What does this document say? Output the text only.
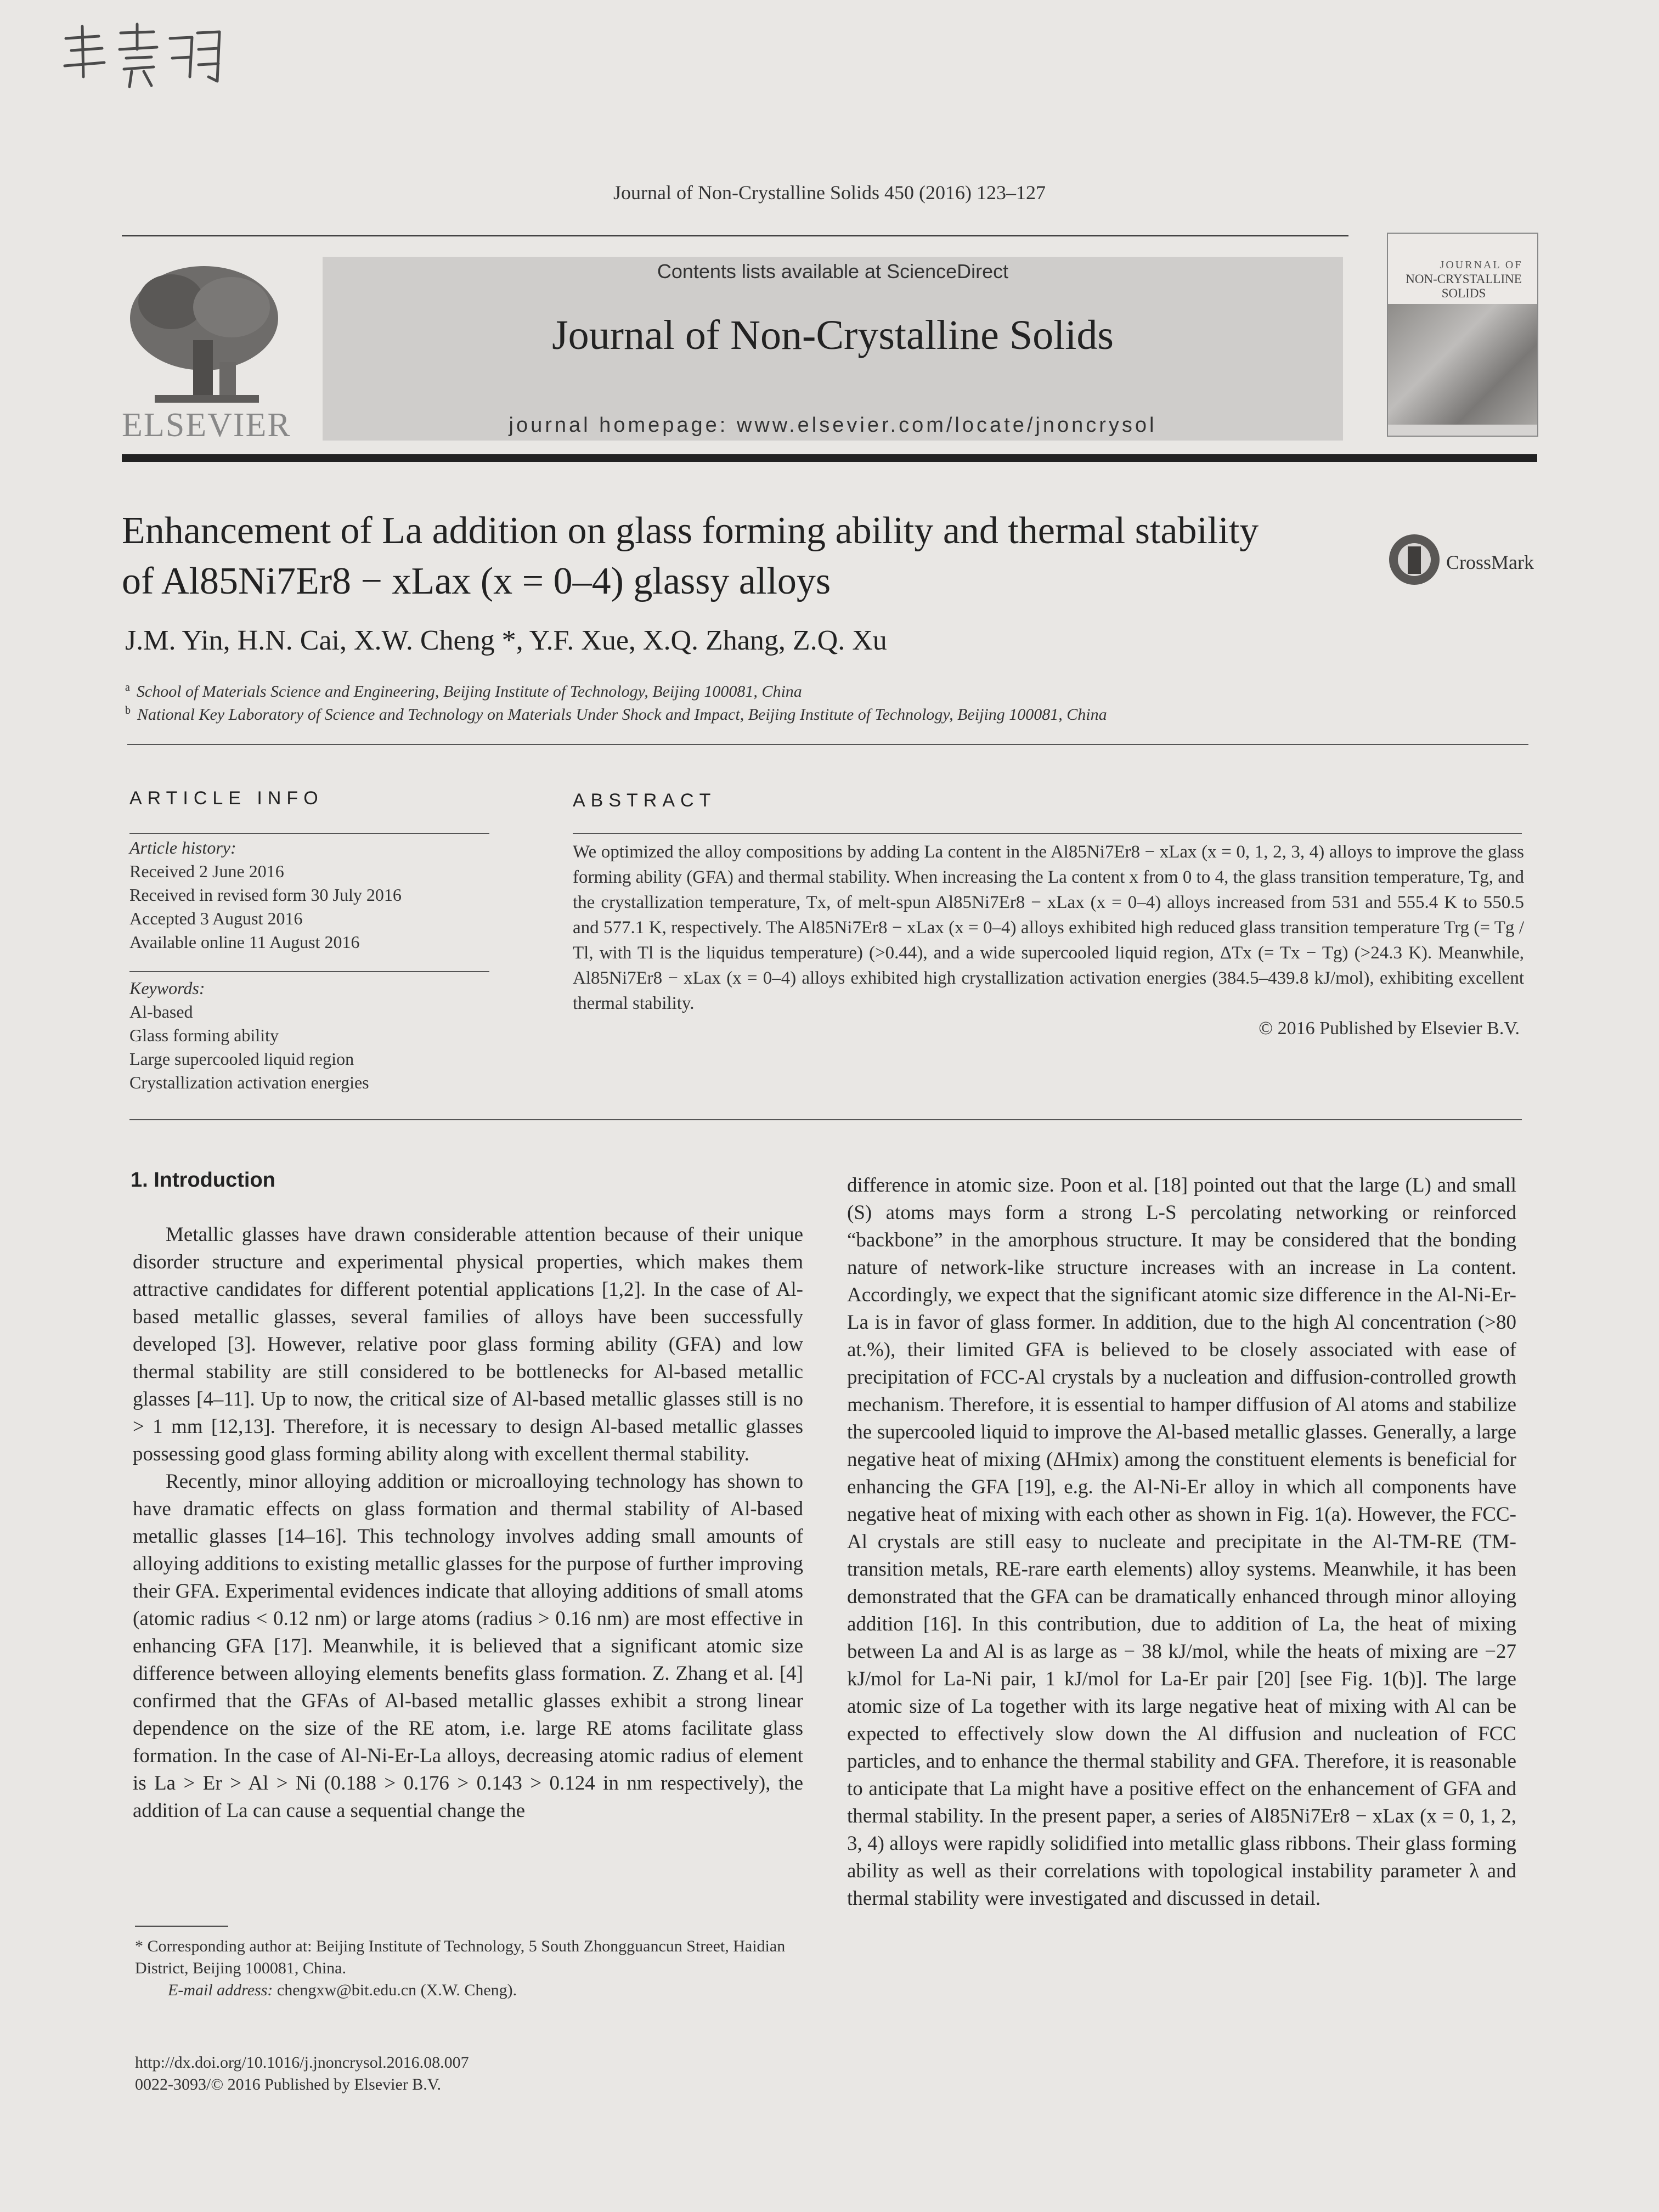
Journal of Non-Crystalline Solids 450 (2016) 123–127
ELSEVIER
Contents lists available at ScienceDirect
Journal of Non-Crystalline Solids
journal homepage: www.elsevier.com/locate/jnoncrysol
JOURNAL OF
NON-CRYSTALLINE SOLIDS
Enhancement of La addition on glass forming ability and thermal stability
of Al85Ni7Er8 − xLax (x = 0–4) glassy alloys	CrossMark
J.M. Yin, H.N. Cai, X.W. Cheng *, Y.F. Xue, X.Q. Zhang, Z.Q. Xu
$^a$ School of Materials Science and Engineering, Beijing Institute of Technology, Beijing 100081, China
$^b$ National Key Laboratory of Science and Technology on Materials Under Shock and Impact, Beijing Institute of Technology, Beijing 100081, China
ARTICLE INFO
Article history:
Received 2 June 2016
Received in revised form 30 July 2016
Accepted 3 August 2016
Available online 11 August 2016
Keywords:
Al-based
Glass forming ability
Large supercooled liquid region
Crystallization activation energies
ABSTRACT
We optimized the alloy compositions by adding La content in the Al85Ni7Er8 − xLax (x = 0, 1, 2, 3, 4) alloys to improve the glass forming ability (GFA) and thermal stability. When increasing the La content x from 0 to 4, the glass transition temperature, Tg, and the crystallization temperature, Tx, of melt-spun Al85Ni7Er8 − xLax (x = 0–4) alloys increased from 531 and 555.4 K to 550.5 and 577.1 K, respectively. The Al85Ni7Er8 − xLax (x = 0–4) alloys exhibited high reduced glass transition temperature Trg (= Tg / Tl, with Tl is the liquidus temperature) (>0.44), and a wide supercooled liquid region, ΔTx (= Tx − Tg) (>24.3 K). Meanwhile, Al85Ni7Er8 − xLax (x = 0–4) alloys exhibited high crystallization activation energies (384.5–439.8 kJ/mol), exhibiting excellent thermal stability.
© 2016 Published by Elsevier B.V.
1. Introduction

Metallic glasses have drawn considerable attention because of their unique disorder structure and experimental physical properties, which makes them attractive candidates for different potential applications [1,2]. In the case of Al-based metallic glasses, several families of alloys have been successfully developed [3]. However, relative poor glass forming ability (GFA) and low thermal stability are still considered to be bottlenecks for Al-based metallic glasses [4–11]. Up to now, the critical size of Al-based metallic glasses still is no > 1 mm [12,13]. Therefore, it is necessary to design Al-based metallic glasses possessing good glass forming ability along with excellent thermal stability.

Recently, minor alloying addition or microalloying technology has shown to have dramatic effects on glass formation and thermal stability of Al-based metallic glasses [14–16]. This technology involves adding small amounts of alloying additions to existing metallic glasses for the purpose of further improving their GFA. Experimental evidences indicate that alloying additions of small atoms (atomic radius < 0.12 nm) or large atoms (radius > 0.16 nm) are most effective in enhancing GFA [17]. Meanwhile, it is believed that a significant atomic size difference between alloying elements benefits glass formation. Z. Zhang et al. [4] confirmed that the GFAs of Al-based metallic glasses exhibit a strong linear dependence on the size of the RE atom, i.e. large RE atoms facilitate glass formation. In the case of Al-Ni-Er-La alloys, decreasing atomic radius of element is La > Er > Al > Ni (0.188 > 0.176 > 0.143 > 0.124 in nm respectively), the addition of La can cause a sequential change the

difference in atomic size. Poon et al. [18] pointed out that the large (L) and small (S) atoms mays form a strong L-S percolating networking or reinforced “backbone” in the amorphous structure. It may be considered that the bonding nature of network-like structure increases with an increase in La content. Accordingly, we expect that the significant atomic size difference in the Al-Ni-Er-La is in favor of glass former. In addition, due to the high Al concentration (>80 at.%), their limited GFA is believed to be closely associated with ease of precipitation of FCC-Al crystals by a nucleation and diffusion-controlled growth mechanism. Therefore, it is essential to hamper diffusion of Al atoms and stabilize the supercooled liquid to improve the Al-based metallic glasses. Generally, a large negative heat of mixing (ΔHmix) among the constituent elements is beneficial for enhancing the GFA [19], e.g. the Al-Ni-Er alloy in which all components have negative heat of mixing with each other as shown in Fig. 1(a). However, the FCC-Al crystals are still easy to nucleate and precipitate in the Al-TM-RE (TM-transition metals, RE-rare earth elements) alloy systems. Meanwhile, it has been demonstrated that the GFA can be dramatically enhanced through minor alloying addition [16]. In this contribution, due to addition of La, the heat of mixing between La and Al is as large as − 38 kJ/mol, while the heats of mixing are −27 kJ/mol for La-Ni pair, 1 kJ/mol for La-Er pair [20] [see Fig. 1(b)]. The large atomic size of La together with its large negative heat of mixing with Al can be expected to effectively slow down the Al diffusion and nucleation of FCC particles, and to enhance the thermal stability and GFA. Therefore, it is reasonable to anticipate that La might have a positive effect on the enhancement of GFA and thermal stability. In the present paper, a series of Al85Ni7Er8 − xLax (x = 0, 1, 2, 3, 4) alloys were rapidly solidified into metallic glass ribbons. Their glass forming ability as well as their correlations with topological instability parameter λ and thermal stability were investigated and discussed in detail.

* Corresponding author at: Beijing Institute of Technology, 5 South Zhongguancun Street, Haidian District, Beijing 100081, China.
E-mail address: chengxw@bit.edu.cn (X.W. Cheng).
http://dx.doi.org/10.1016/j.jnoncrysol.2016.08.007
0022-3093/© 2016 Published by Elsevier B.V.
